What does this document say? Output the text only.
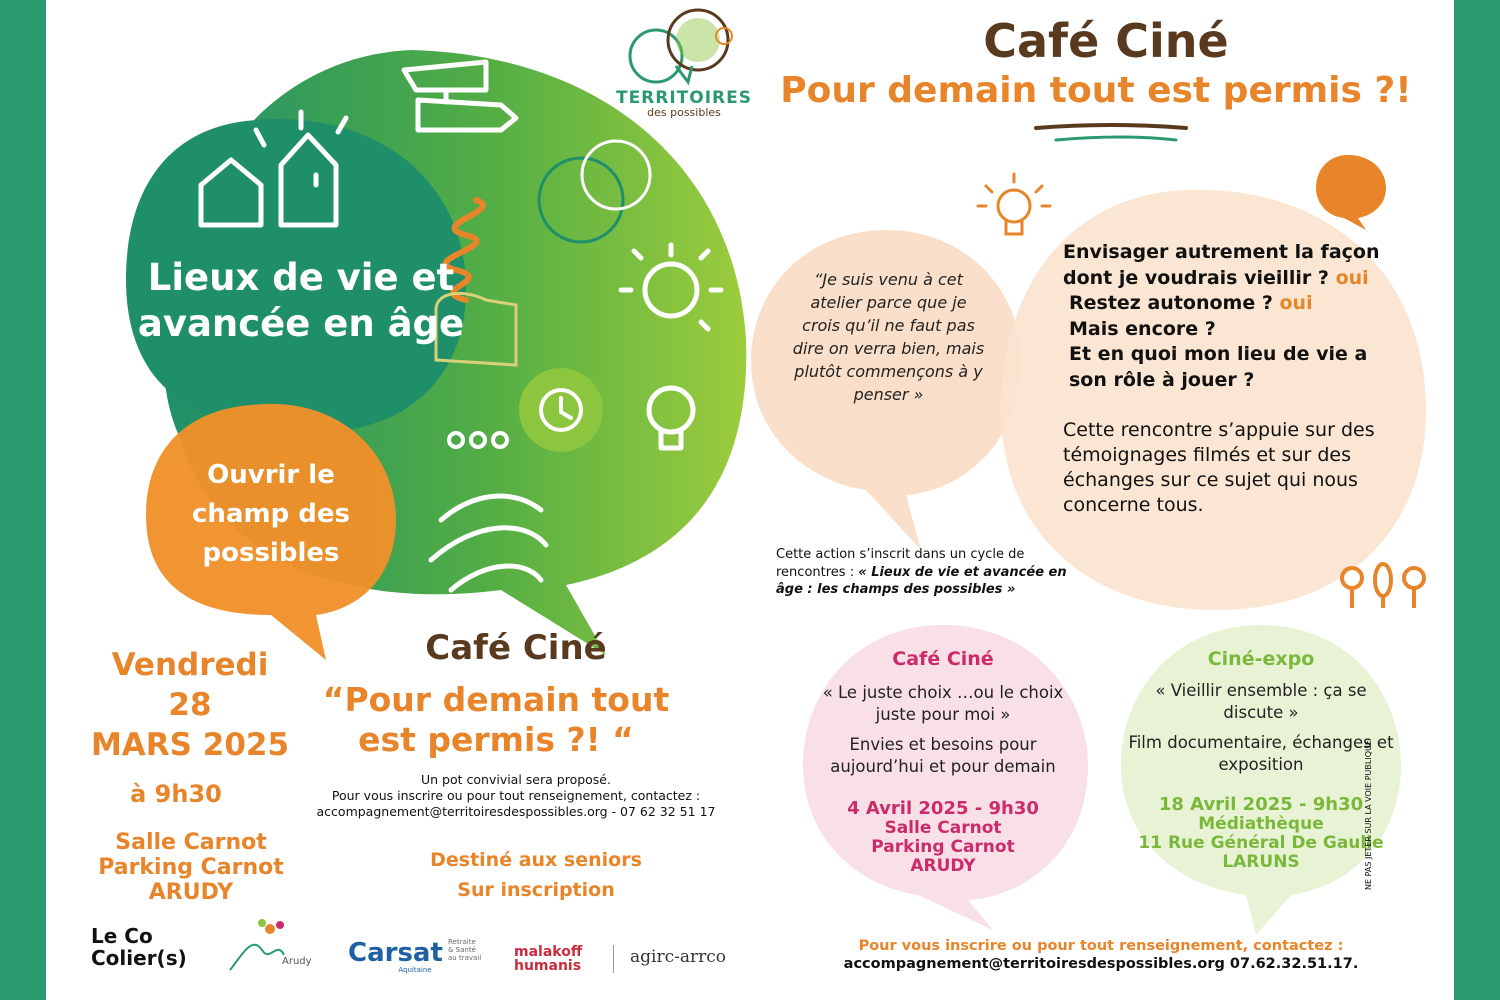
Lieux de vie et avancée en âge
Ouvrir le champ des possibles
Vendredi
28
MARS 2025
à 9h30
Salle Carnot
Parking Carnot
ARUDY
Café Ciné
“Pour demain tout est permis ?! “
Un pot convivial sera proposé.
Pour vous inscrire ou pour tout renseignement, contactez :
accompagnement@territoiresdespossibles.org - 07 62 32 51 17
Destiné aux seniors
Sur inscription
TERRITOIRES
des possibles
Le Co Colier(s)	Arudy Carsat Retraite & Santé au travail
Aquitaine
malakoff humanis	agirc-arrco
Café Ciné
Pour demain tout est permis ?!
“Je suis venu à cet atelier parce que je crois qu’il ne faut pas dire on verra bien, mais plutôt commençons à y penser »
Envisager autrement la façon dont je voudrais vieillir ? oui
Restez autonome ? oui
Mais encore ?
Et en quoi mon lieu de vie a son rôle à jouer ?
Cette rencontre s’appuie sur des témoignages filmés et sur des échanges sur ce sujet qui nous concerne tous.
Cette action s’inscrit dans un cycle de rencontres : « Lieux de vie et avancée en âge : les champs des possibles »
Café Ciné
« Le juste choix …ou le choix juste pour moi »
Envies et besoins pour aujourd’hui et pour demain
4 Avril 2025 - 9h30
Salle Carnot
Parking Carnot
ARUDY
Ciné-expo
« Vieillir ensemble : ça se discute »
Film documentaire, échanges et exposition
18 Avril 2025 - 9h30
Médiathèque
11 Rue Général De Gaulle
LARUNS
Pour vous inscrire ou pour tout renseignement, contactez :
accompagnement@territoiresdespossibles.org 07.62.32.51.17.
NE PAS JETER SUR LA VOIE PUBLIQUE
